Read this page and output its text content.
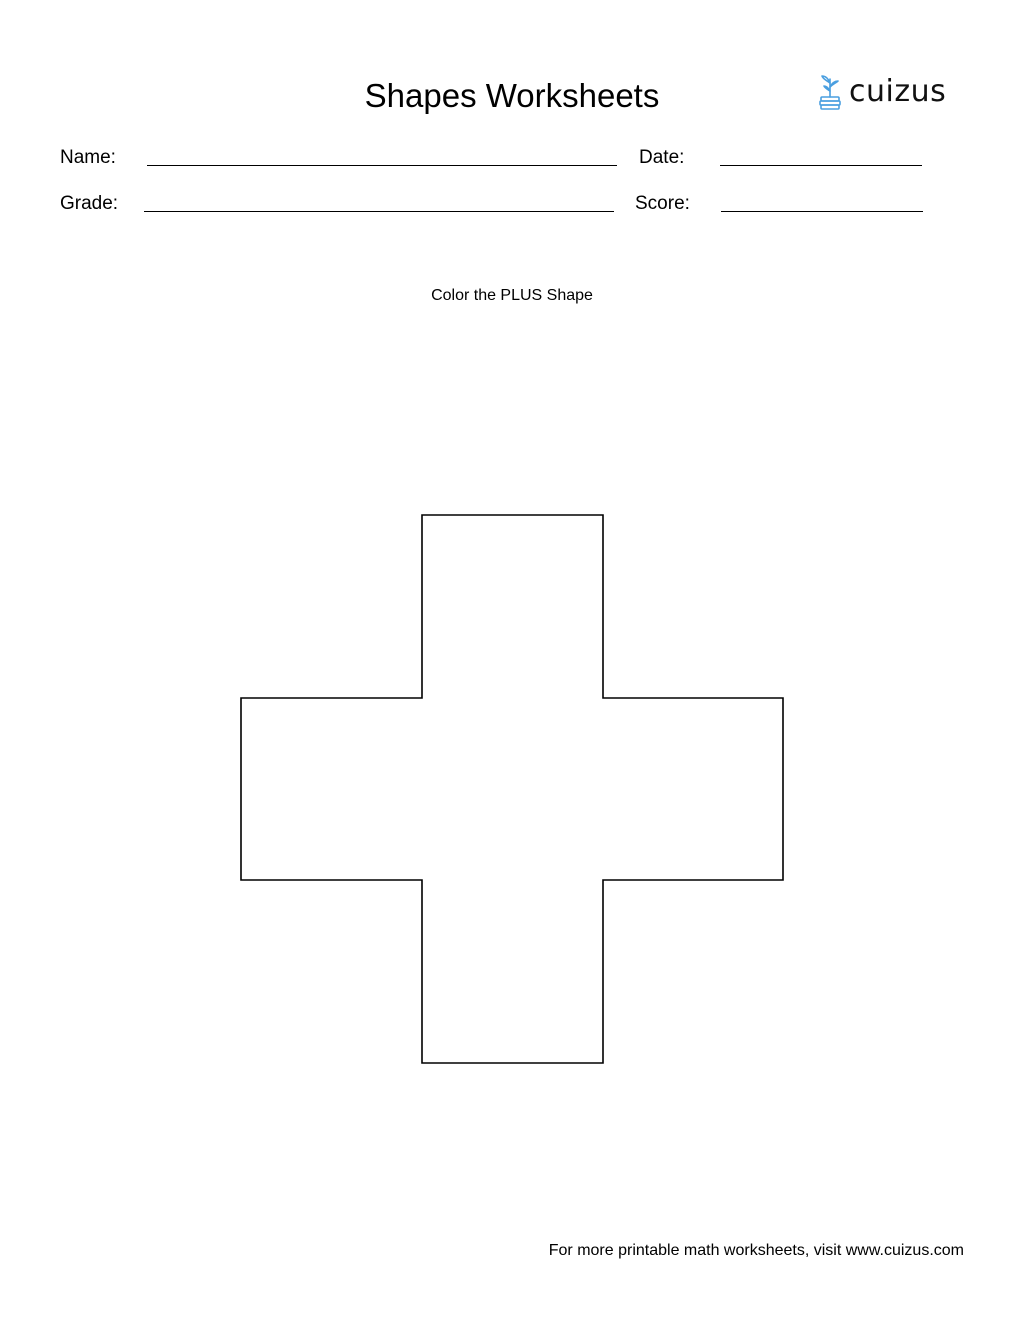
Shapes Worksheets	cuizus
Name:	Date:
Grade:	Score:
Color the PLUS Shape
For more printable math worksheets, visit www.cuizus.com
